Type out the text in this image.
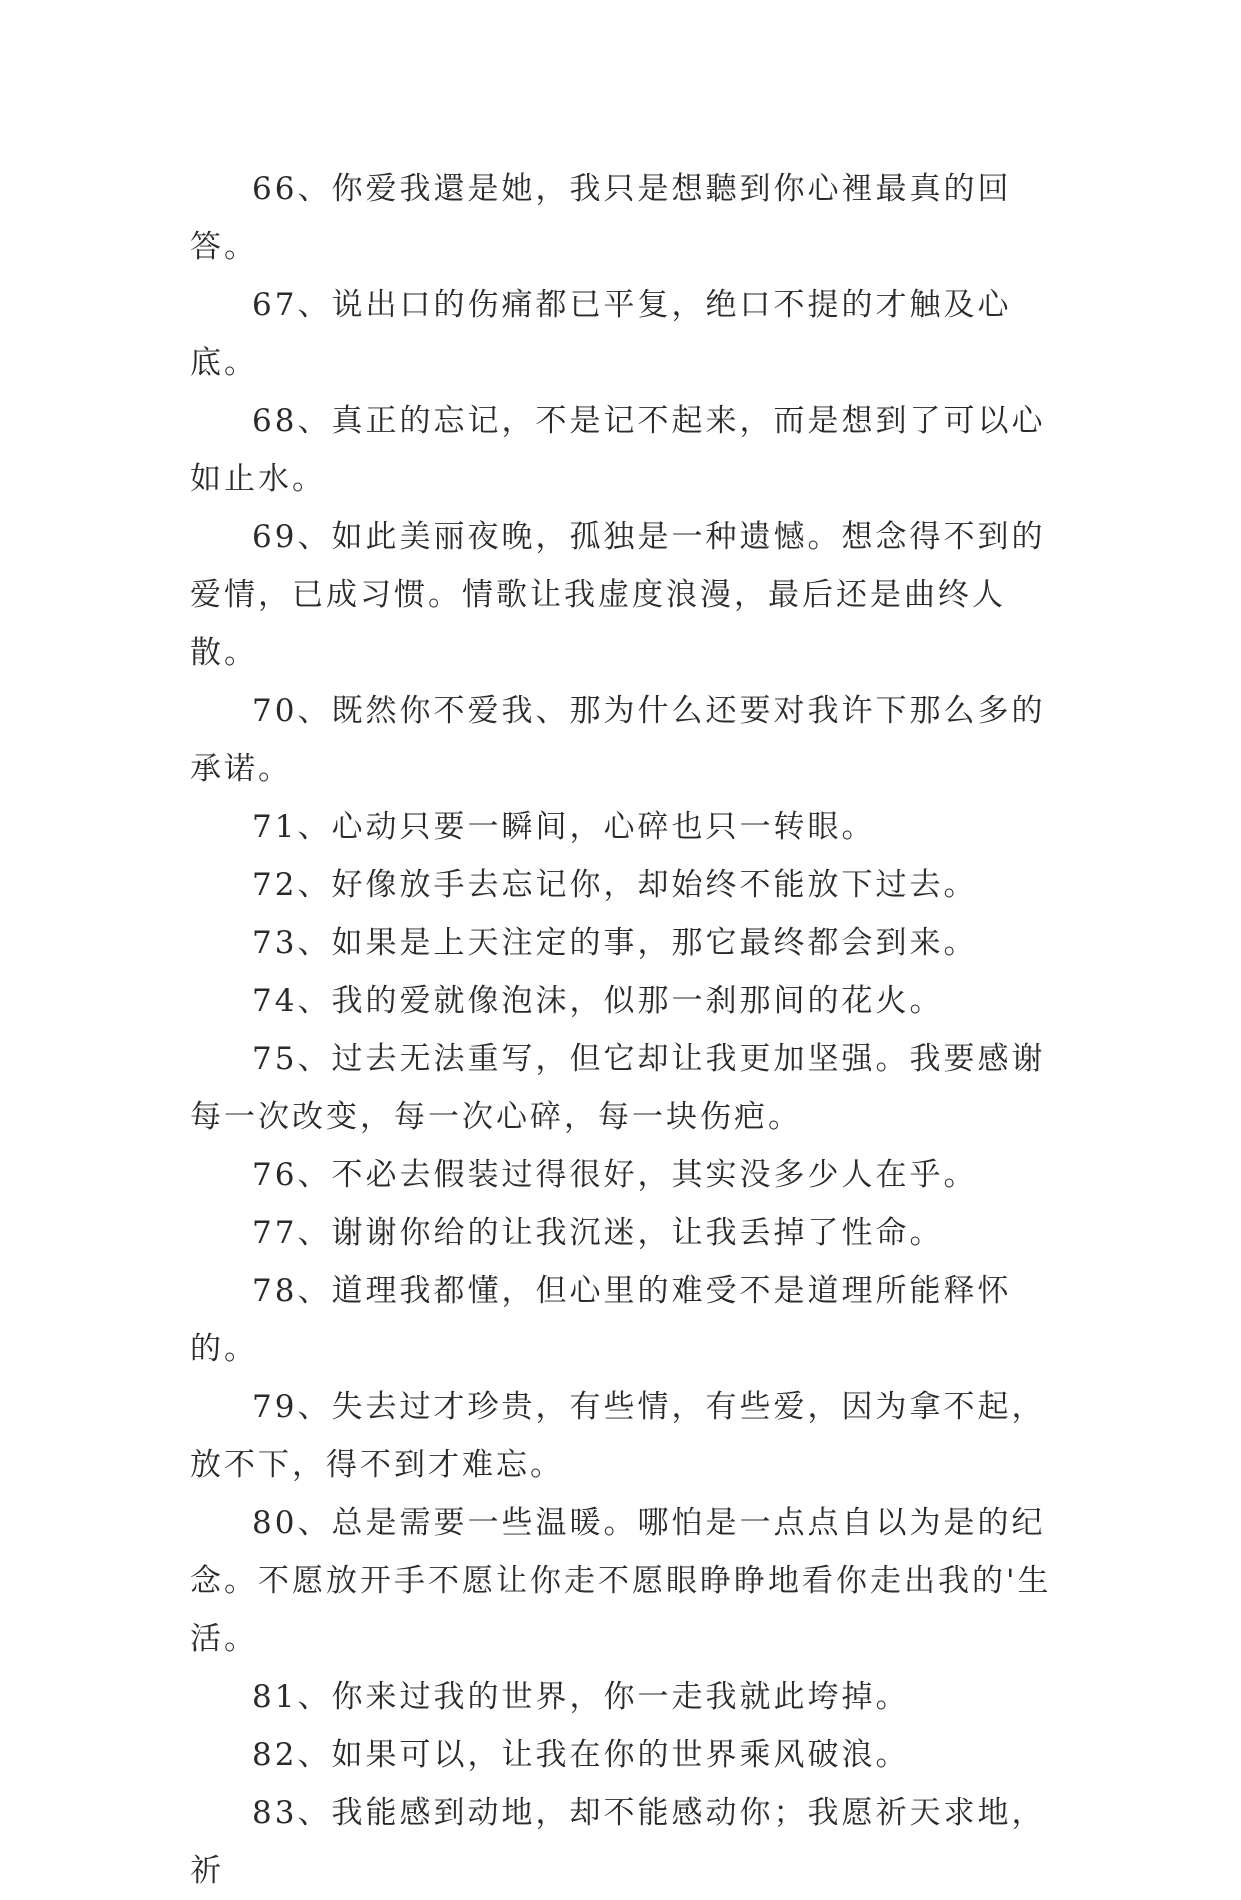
66、你爱我還是她，我只是想聽到你心裡最真的回答。

67、说出口的伤痛都已平复，绝口不提的才触及心底。

68、真正的忘记，不是记不起来，而是想到了可以心如止水。

69、如此美丽夜晚，孤独是一种遗憾。想念得不到的爱情，已成习惯。情歌让我虚度浪漫，最后还是曲终人散。

70、既然你不爱我、那为什么还要对我许下那么多的承诺。

71、心动只要一瞬间，心碎也只一转眼。

72、好像放手去忘记你，却始终不能放下过去。

73、如果是上天注定的事，那它最终都会到来。

74、我的爱就像泡沫，似那一刹那间的花火。

75、过去无法重写，但它却让我更加坚强。我要感谢每一次改变，每一次心碎，每一块伤疤。

76、不必去假装过得很好，其实没多少人在乎。

77、谢谢你给的让我沉迷，让我丢掉了性命。

78、道理我都懂，但心里的难受不是道理所能释怀的。

79、失去过才珍贵，有些情，有些爱，因为拿不起，放不下，得不到才难忘。

80、总是需要一些温暖。哪怕是一点点自以为是的纪念。不愿放开手不愿让你走不愿眼睁睁地看你走出我的'生活。

81、你来过我的世界，你一走我就此垮掉。

82、如果可以，让我在你的世界乘风破浪。

83、我能感到动地，却不能感动你；我愿祈天求地，祈
